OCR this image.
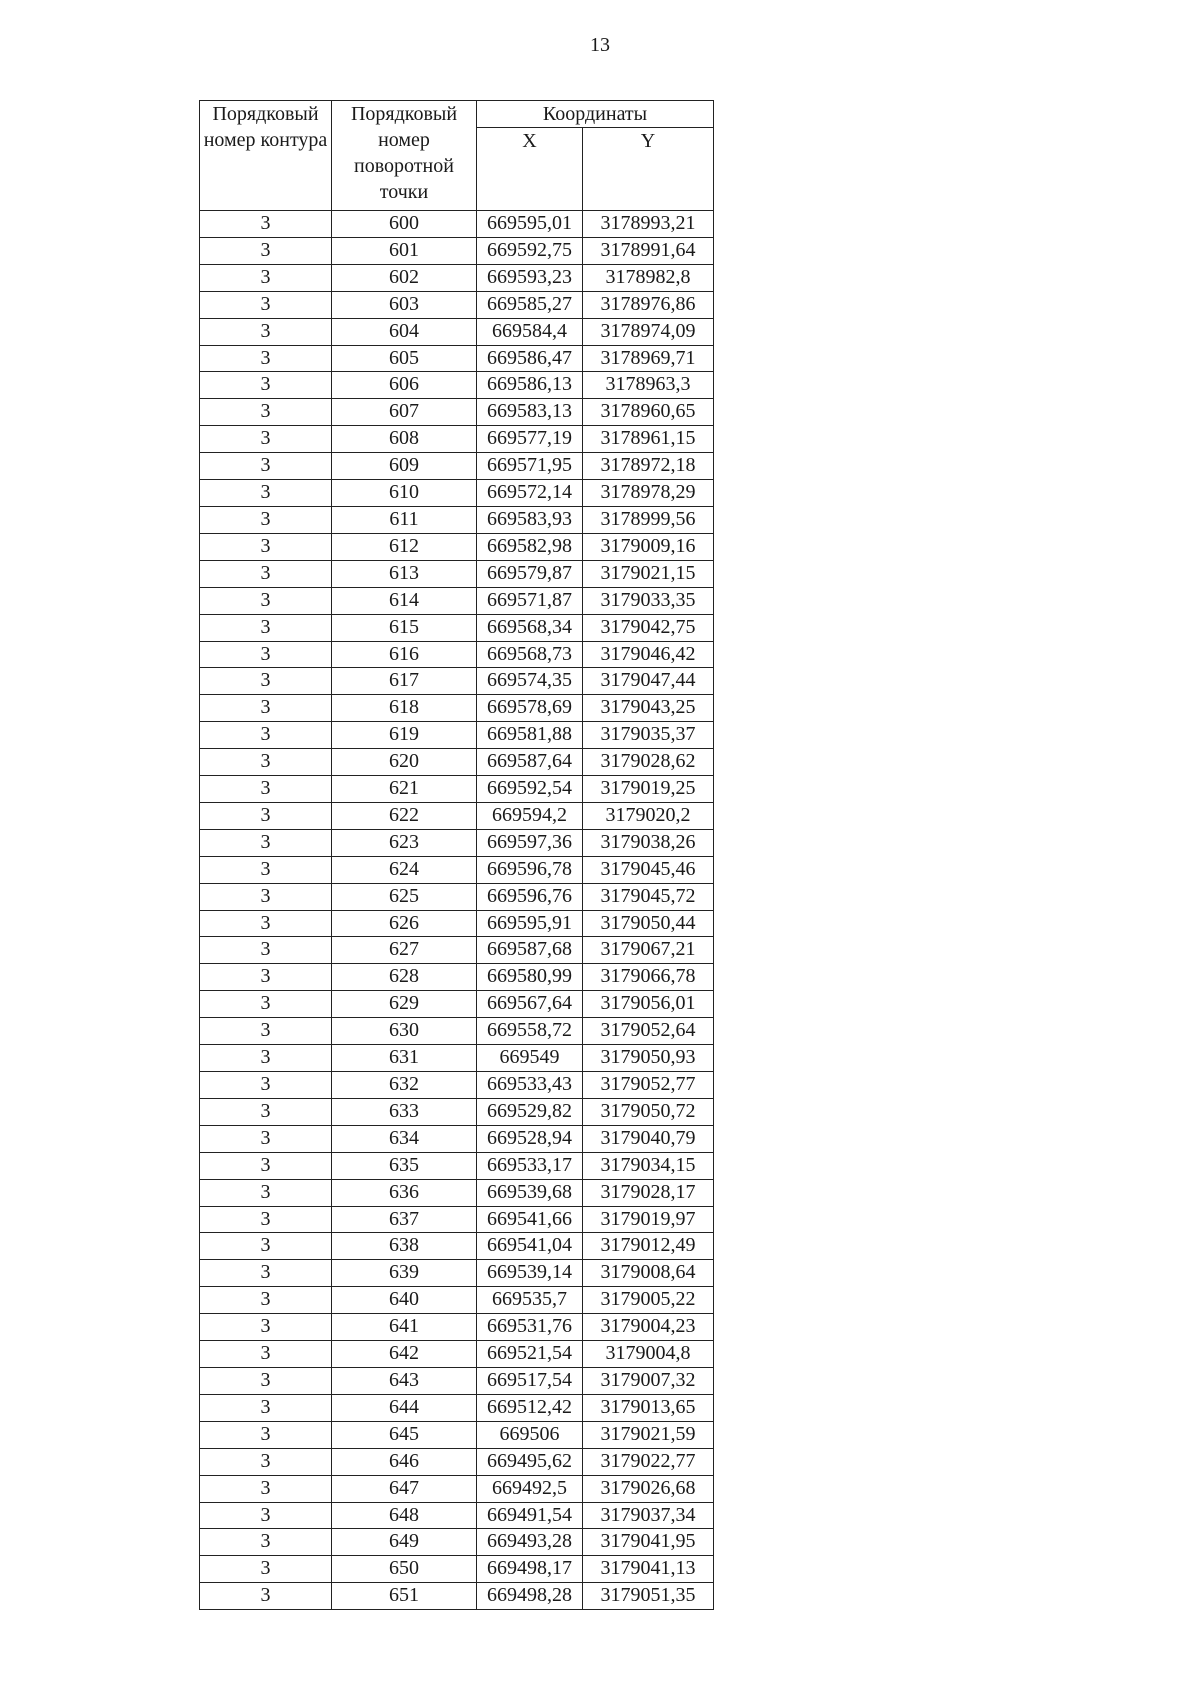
13
Порядковый номер контура	Порядковый номер поворотной точки	Координаты	
		X	Y
3	600	669595,01	3178993,21
3	601	669592,75	3178991,64
3	602	669593,23	3178982,8
3	603	669585,27	3178976,86
3	604	669584,4	3178974,09
3	605	669586,47	3178969,71
3	606	669586,13	3178963,3
3	607	669583,13	3178960,65
3	608	669577,19	3178961,15
3	609	669571,95	3178972,18
3	610	669572,14	3178978,29
3	611	669583,93	3178999,56
3	612	669582,98	3179009,16
3	613	669579,87	3179021,15
3	614	669571,87	3179033,35
3	615	669568,34	3179042,75
3	616	669568,73	3179046,42
3	617	669574,35	3179047,44
3	618	669578,69	3179043,25
3	619	669581,88	3179035,37
3	620	669587,64	3179028,62
3	621	669592,54	3179019,25
3	622	669594,2	3179020,2
3	623	669597,36	3179038,26
3	624	669596,78	3179045,46
3	625	669596,76	3179045,72
3	626	669595,91	3179050,44
3	627	669587,68	3179067,21
3	628	669580,99	3179066,78
3	629	669567,64	3179056,01
3	630	669558,72	3179052,64
3	631	669549	3179050,93
3	632	669533,43	3179052,77
3	633	669529,82	3179050,72
3	634	669528,94	3179040,79
3	635	669533,17	3179034,15
3	636	669539,68	3179028,17
3	637	669541,66	3179019,97
3	638	669541,04	3179012,49
3	639	669539,14	3179008,64
3	640	669535,7	3179005,22
3	641	669531,76	3179004,23
3	642	669521,54	3179004,8
3	643	669517,54	3179007,32
3	644	669512,42	3179013,65
3	645	669506	3179021,59
3	646	669495,62	3179022,77
3	647	669492,5	3179026,68
3	648	669491,54	3179037,34
3	649	669493,28	3179041,95
3	650	669498,17	3179041,13
3	651	669498,28	3179051,35
